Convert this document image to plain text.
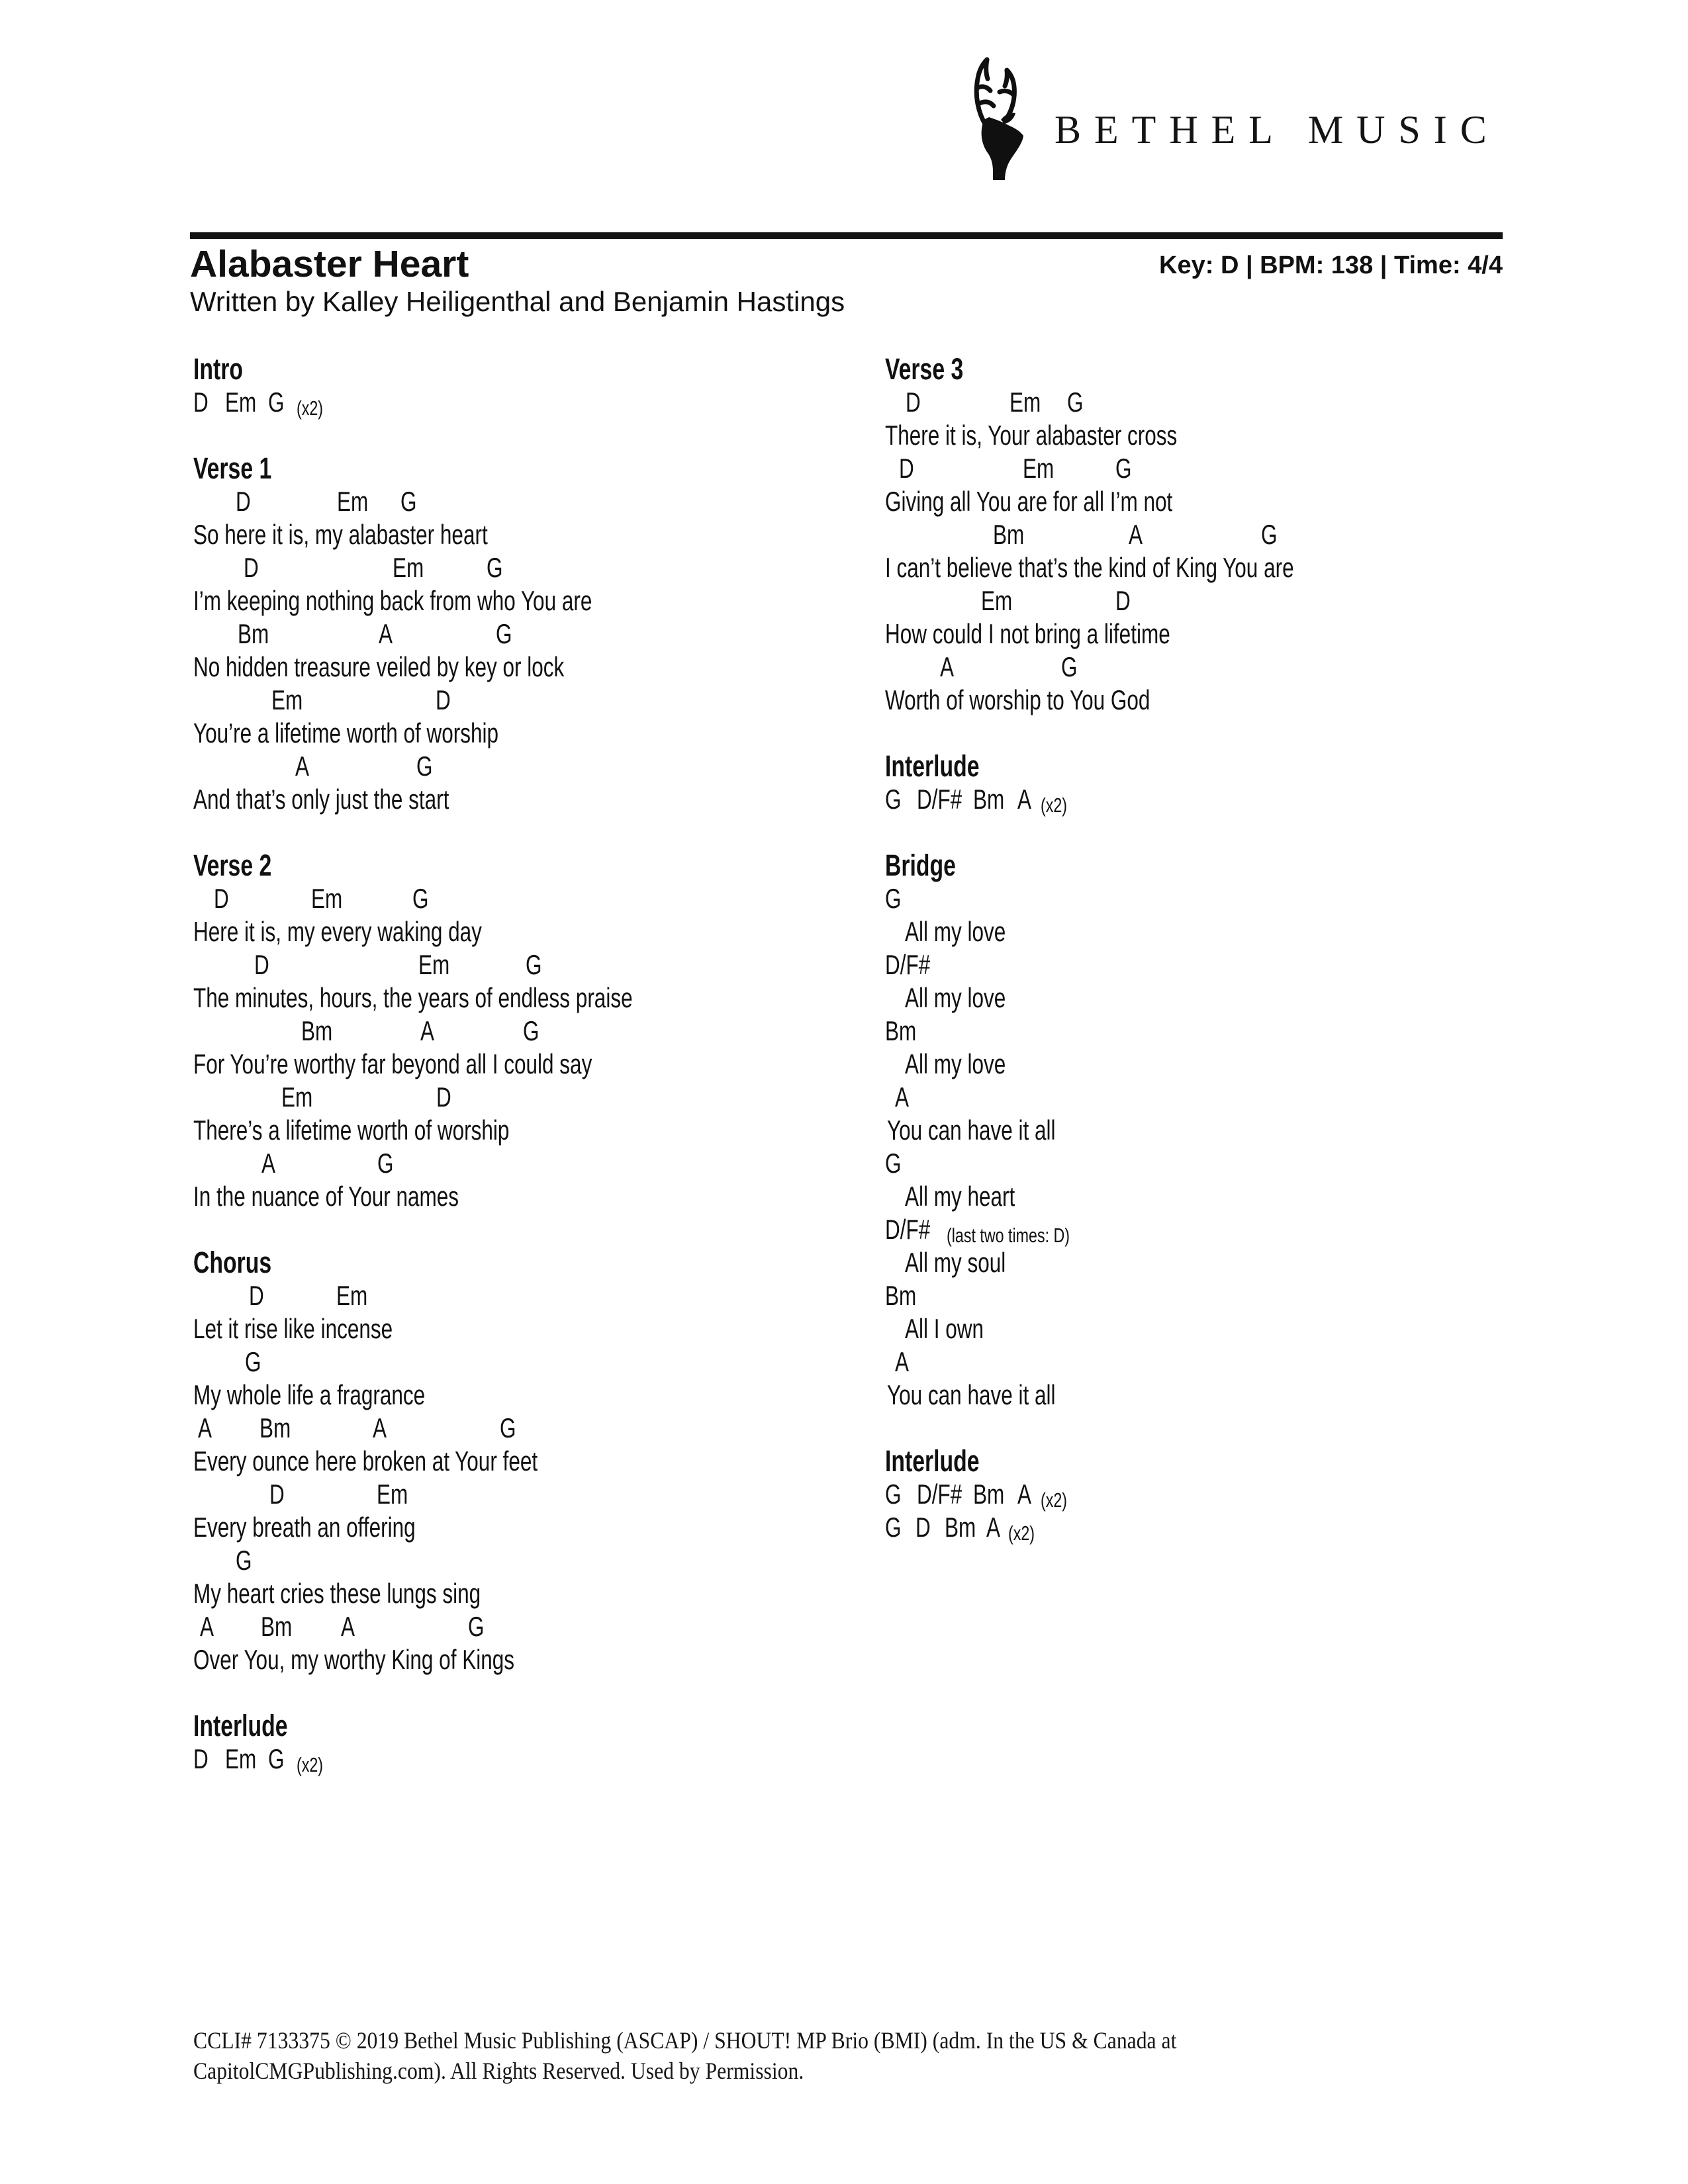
BETHEL MUSIC
Alabaster Heart	Key: D | BPM: 138 | Time: 4/4
Written by Kalley Heiligenthal and Benjamin Hastings
Intro
D Em G (x2)
Verse 1
D	Em G
So here it is, my alabaster heart
D	Em G
I’m keeping nothing back from who You are
Bm	A	G
No hidden treasure veiled by key or lock
Em	D
You’re a lifetime worth of worship
A	G
And that’s only just the start
Verse 2
D	Em	G
Here it is, my every waking day
D	Em	G
The minutes, hours, the years of endless praise
Bm	A	G
For You’re worthy far beyond all I could say
Em	D
There’s a lifetime worth of worship
A	G
In the nuance of Your names
Chorus
D	Em
Let it rise like incense
G
My whole life a fragrance
A Bm	A	G
Every ounce here broken at Your feet
D	Em
Every breath an offering
G
My heart cries these lungs sing
A Bm A	G
Over You, my worthy King of Kings
Interlude
D Em G (x2)
Verse 3
D	Em G
There it is, Your alabaster cross
D	Em G
Giving all You are for all I’m not
Bm	A	G
I can’t believe that’s the kind of King You are
Em	D
How could I not bring a lifetime
A	G
Worth of worship to You God
Interlude
G D/F# Bm A (x2)
Bridge
G
All my love
D/F#
All my love
Bm
All my love
A
You can have it all
G
All my heart
D/F# (last two times: D)
All my soul
Bm
All I own
A
You can have it all
Interlude
G D/F# Bm A (x2)
G D Bm A (x2)
CCLI# 7133375 © 2019 Bethel Music Publishing (ASCAP) / SHOUT! MP Brio (BMI) (adm. In the US & Canada at
CapitolCMGPublishing.com). All Rights Reserved. Used by Permission.
